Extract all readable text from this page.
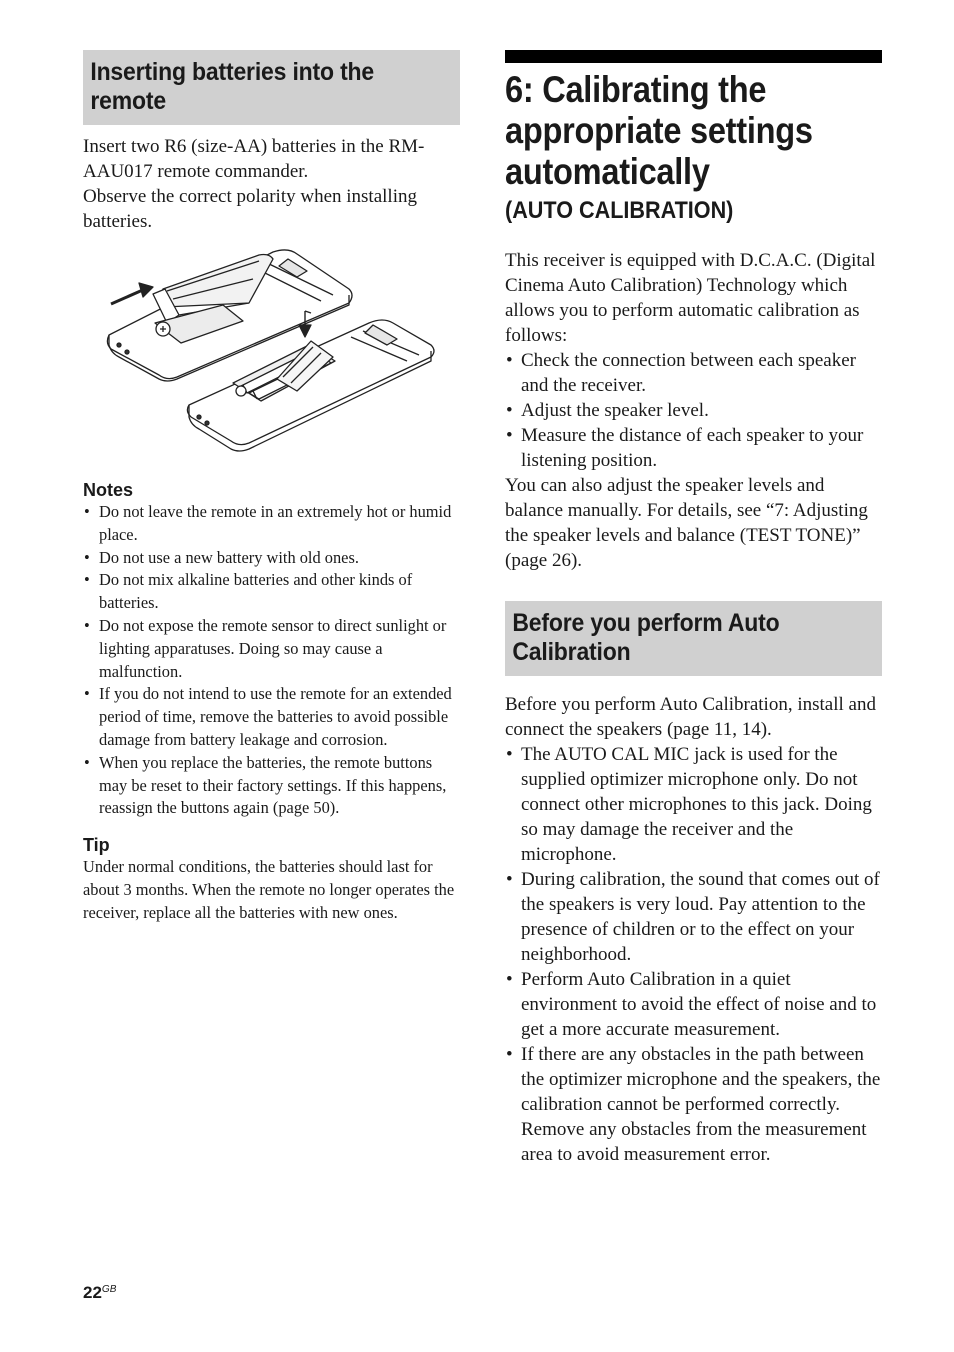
Inserting batteries into the remote

Insert two R6 (size-AA) batteries in the RM-AAU017 remote commander.

Observe the correct polarity when installing batteries.

Notes

• Do not leave the remote in an extremely hot or humid place.
• Do not use a new battery with old ones.
• Do not mix alkaline batteries and other kinds of batteries.
• Do not expose the remote sensor to direct sunlight or lighting apparatuses. Doing so may cause a malfunction.
• If you do not intend to use the remote for an extended period of time, remove the batteries to avoid possible damage from battery leakage and corrosion.
• When you replace the batteries, the remote buttons may be reset to their factory settings. If this happens, reassign the buttons again (page 50).

Tip

Under normal conditions, the batteries should last for about 3 months. When the remote no longer operates the receiver, replace all the batteries with new ones.

6: Calibrating the appropriate settings automatically
(AUTO CALIBRATION)

This receiver is equipped with D.C.A.C. (Digital Cinema Auto Calibration) Technology which allows you to perform automatic calibration as follows:

• Check the connection between each speaker and the receiver.
• Adjust the speaker level.
• Measure the distance of each speaker to your listening position.

You can also adjust the speaker levels and balance manually. For details, see “7: Adjusting the speaker levels and balance (TEST TONE)” (page 26).

Before you perform Auto Calibration

Before you perform Auto Calibration, install and connect the speakers (page 11, 14).

• The AUTO CAL MIC jack is used for the supplied optimizer microphone only. Do not connect other microphones to this jack. Doing so may damage the receiver and the microphone.
• During calibration, the sound that comes out of the speakers is very loud. Pay attention to the presence of children or to the effect on your neighborhood.
• Perform Auto Calibration in a quiet environment to avoid the effect of noise and to get a more accurate measurement.
• If there are any obstacles in the path between the optimizer microphone and the speakers, the calibration cannot be performed correctly. Remove any obstacles from the measurement area to avoid measurement error.
$22^{GB}$
